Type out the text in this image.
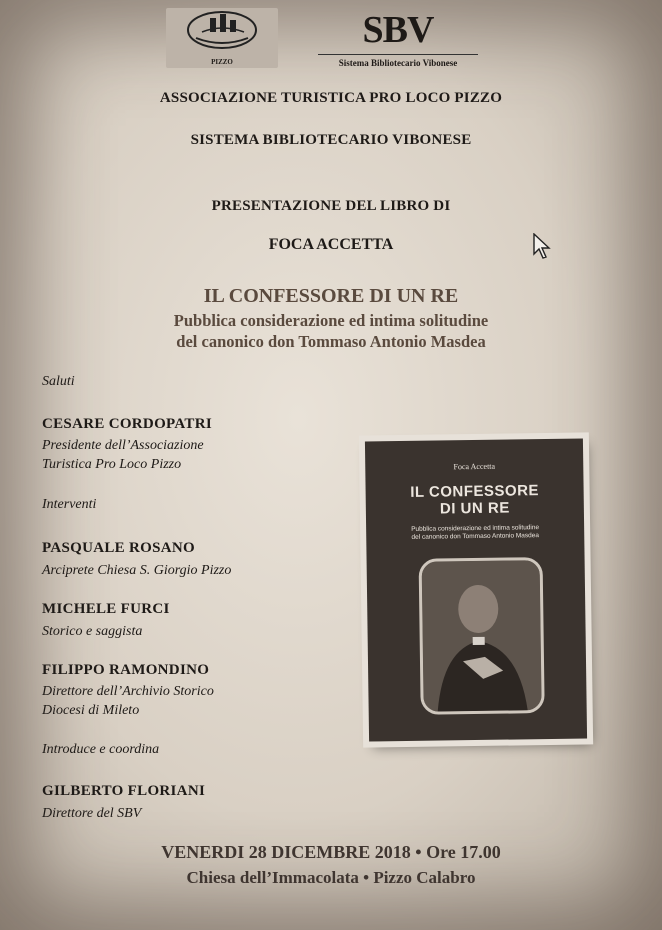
PIZZO
SBV
Sistema Bibliotecario Vibonese
ASSOCIAZIONE TURISTICA PRO LOCO PIZZO
SISTEMA BIBLIOTECARIO VIBONESE
PRESENTAZIONE DEL LIBRO DI
FOCA ACCETTA
IL CONFESSORE DI UN RE
Pubblica considerazione ed intima solitudine
del canonico don Tommaso Antonio Masdea
Saluti
CESARE CORDOPATRI
Presidente dell’Associazione
Turistica Pro Loco Pizzo
Interventi
PASQUALE ROSANO
Arciprete Chiesa S. Giorgio Pizzo
MICHELE FURCI
Storico e saggista
FILIPPO RAMONDINO
Direttore dell’Archivio Storico
Diocesi di Mileto
Introduce e coordina
GILBERTO FLORIANI
Direttore del SBV
Foca Accetta
IL CONFESSORE
DI UN RE
Pubblica considerazione ed intima solitudine
del canonico don Tommaso Antonio Masdea
VENERDI 28 DICEMBRE 2018 • Ore 17.00
Chiesa dell’Immacolata • Pizzo Calabro
